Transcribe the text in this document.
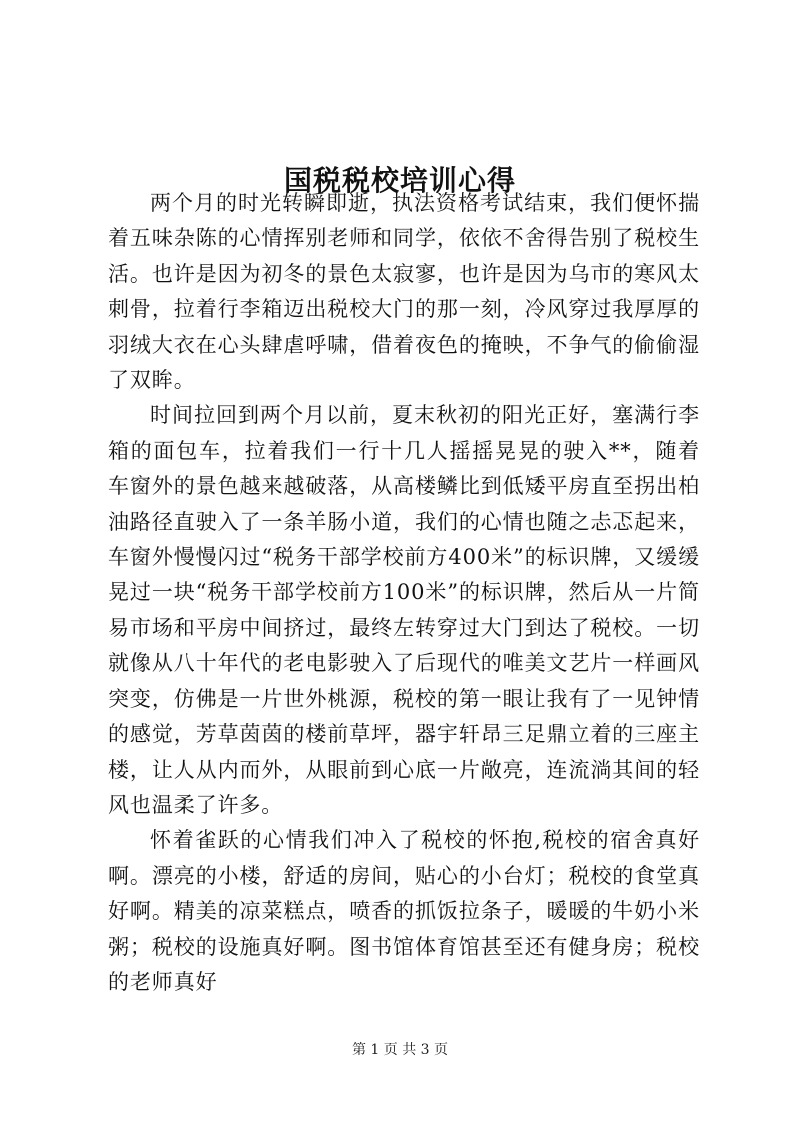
国税税校培训心得

两个月的时光转瞬即逝，执法资格考试结束，我们便怀揣着五味杂陈的心情挥别老师和同学，依依不舍得告别了税校生活。也许是因为初冬的景色太寂寥，也许是因为乌市的寒风太刺骨，拉着行李箱迈出税校大门的那一刻，冷风穿过我厚厚的羽绒大衣在心头肆虐呼啸，借着夜色的掩映，不争气的偷偷湿了双眸。

时间拉回到两个月以前，夏末秋初的阳光正好，塞满行李箱的面包车，拉着我们一行十几人摇摇晃晃的驶入**，随着车窗外的景色越来越破落，从高楼鳞比到低矮平房直至拐出柏油路径直驶入了一条羊肠小道，我们的心情也随之忐忑起来，车窗外慢慢闪过“税务干部学校前方400米”的标识牌，又缓缓晃过一块“税务干部学校前方100米”的标识牌，然后从一片简易市场和平房中间挤过，最终左转穿过大门到达了税校。一切就像从八十年代的老电影驶入了后现代的唯美文艺片一样画风突变，仿佛是一片世外桃源，税校的第一眼让我有了一见钟情的感觉，芳草茵茵的楼前草坪，器宇轩昂三足鼎立着的三座主楼，让人从内而外，从眼前到心底一片敞亮，连流淌其间的轻风也温柔了许多。

怀着雀跃的心情我们冲入了税校的怀抱,税校的宿舍真好啊。漂亮的小楼，舒适的房间，贴心的小台灯；税校的食堂真好啊。精美的凉菜糕点，喷香的抓饭拉条子，暖暖的牛奶小米粥；税校的设施真好啊。图书馆体育馆甚至还有健身房；税校的老师真好

第 1 页 共 3 页
